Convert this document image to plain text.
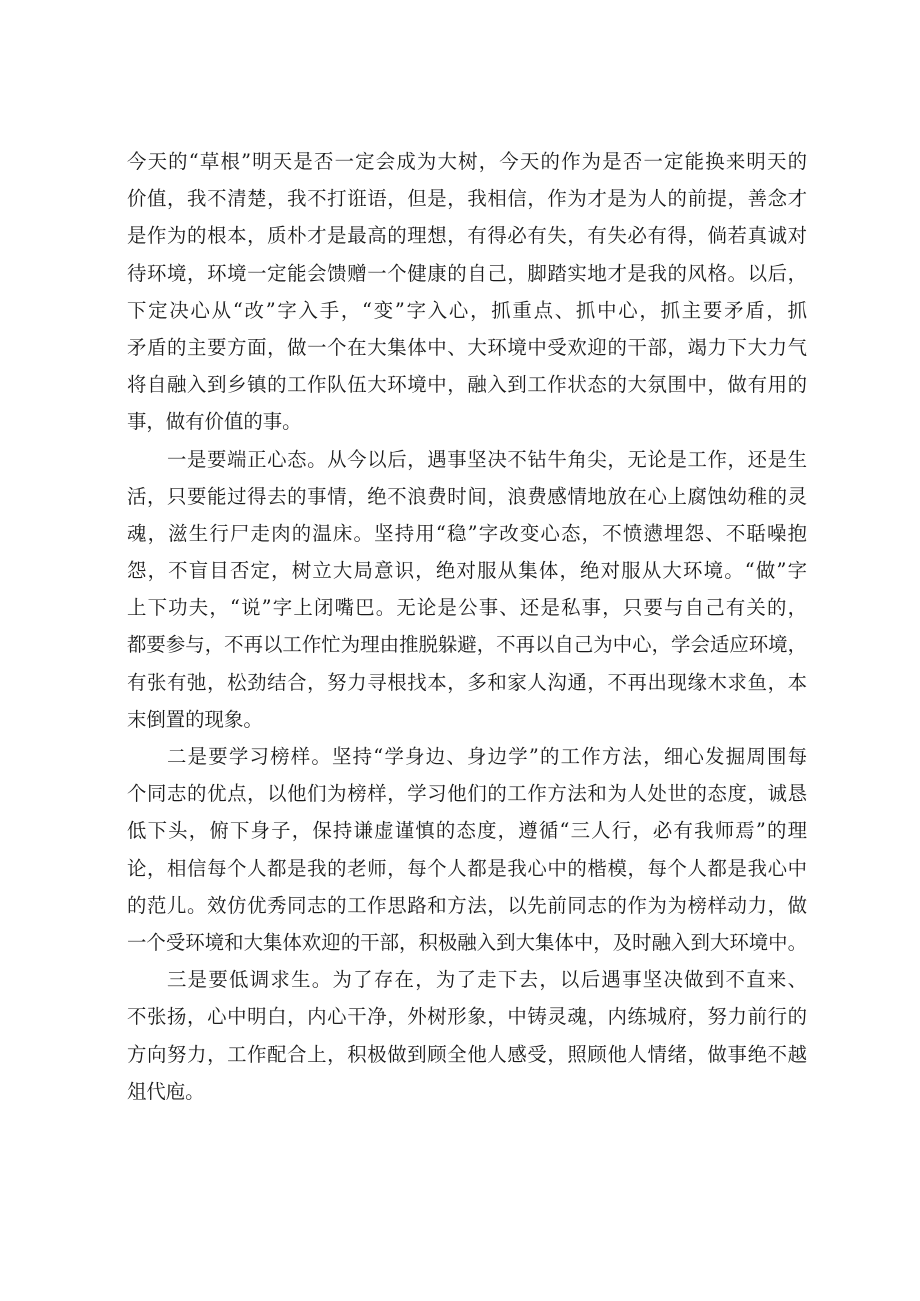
今天的“草根”明天是否一定会成为大树，今天的作为是否一定能换来明天的
价值，我不清楚，我不打诳语，但是，我相信，作为才是为人的前提，善念才
是作为的根本，质朴才是最高的理想，有得必有失，有失必有得，倘若真诚对
待环境，环境一定能会馈赠一个健康的自己，脚踏实地才是我的风格。以后，
下定决心从“改”字入手，“变”字入心，抓重点、抓中心，抓主要矛盾，抓
矛盾的主要方面，做一个在大集体中、大环境中受欢迎的干部，竭力下大力气
将自融入到乡镇的工作队伍大环境中，融入到工作状态的大氛围中，做有用的
事，做有价值的事。
一是要端正心态。从今以后，遇事坚决不钻牛角尖，无论是工作，还是生
活，只要能过得去的事情，绝不浪费时间，浪费感情地放在心上腐蚀幼稚的灵
魂，滋生行尸走肉的温床。坚持用“稳”字改变心态，不愤懑埋怨、不聒噪抱
怨，不盲目否定，树立大局意识，绝对服从集体，绝对服从大环境。“做”字
上下功夫，“说”字上闭嘴巴。无论是公事、还是私事，只要与自己有关的，
都要参与，不再以工作忙为理由推脱躲避，不再以自己为中心，学会适应环境，
有张有弛，松劲结合，努力寻根找本，多和家人沟通，不再出现缘木求鱼，本
末倒置的现象。
二是要学习榜样。坚持“学身边、身边学”的工作方法，细心发掘周围每
个同志的优点，以他们为榜样，学习他们的工作方法和为人处世的态度，诚恳
低下头，俯下身子，保持谦虚谨慎的态度，遵循“三人行，必有我师焉”的理
论，相信每个人都是我的老师，每个人都是我心中的楷模，每个人都是我心中
的范儿。效仿优秀同志的工作思路和方法，以先前同志的作为为榜样动力，做
一个受环境和大集体欢迎的干部，积极融入到大集体中，及时融入到大环境中。
三是要低调求生。为了存在，为了走下去，以后遇事坚决做到不直来、
不张扬，心中明白，内心干净，外树形象，中铸灵魂，内练城府，努力前行的
方向努力，工作配合上，积极做到顾全他人感受，照顾他人情绪，做事绝不越
俎代庖。
